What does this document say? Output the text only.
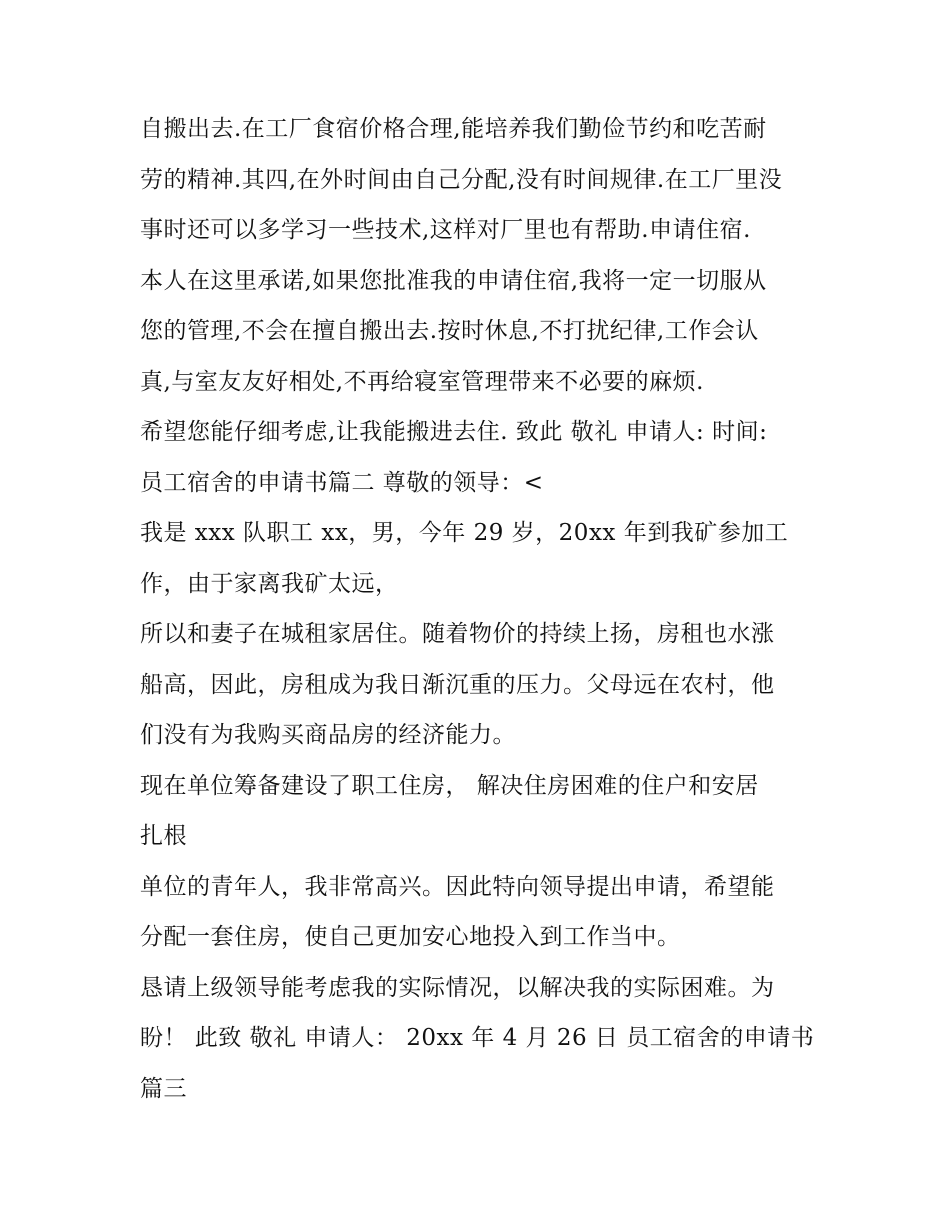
自搬出去.在工厂食宿价格合理,能培养我们勤俭节约和吃苦耐
劳的精神.其四,在外时间由自己分配,没有时间规律.在工厂里没
事时还可以多学习一些技术,这样对厂里也有帮助.申请住宿.
本人在这里承诺,如果您批准我的申请住宿,我将一定一切服从
您的管理,不会在擅自搬出去.按时休息,不打扰纪律,工作会认
真,与室友友好相处,不再给寝室管理带来不必要的麻烦.
希望您能仔细考虑,让我能搬进去住. 致此 敬礼 申请人: 时间:
员工宿舍的申请书篇二 尊敬的领导：<
我是 xxx 队职工 xx，男，今年 29 岁，20xx 年到我矿参加工
作，由于家离我矿太远，
所以和妻子在城租家居住。随着物价的持续上扬，房租也水涨
船高，因此，房租成为我日渐沉重的压力。父母远在农村，他
们没有为我购买商品房的经济能力。
现在单位筹备建设了职工住房， 解决住房困难的住户和安居
扎根
单位的青年人，我非常高兴。因此特向领导提出申请，希望能
分配一套住房，使自己更加安心地投入到工作当中。
恳请上级领导能考虑我的实际情况，以解决我的实际困难。为
盼！ 此致 敬礼 申请人： 20xx 年 4 月 26 日 员工宿舍的申请书
篇三
